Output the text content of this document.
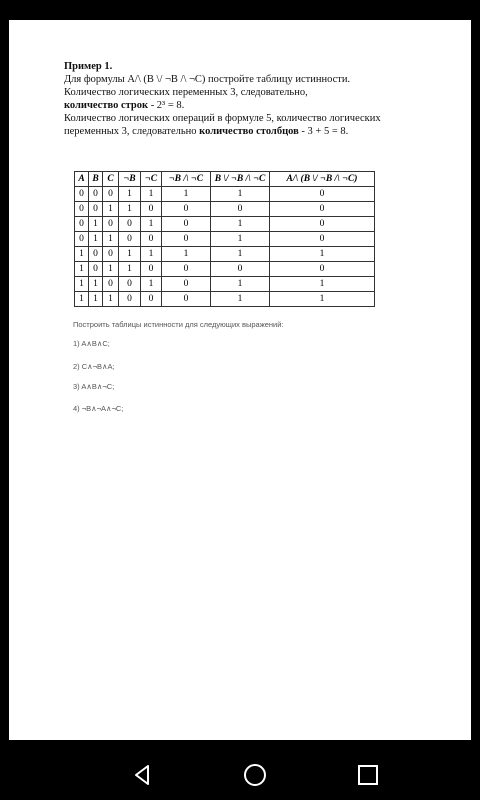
Пример 1.
Для формулы A/\ (B \/ ¬B /\ ¬C) постройте таблицу истинности.
Количество логических переменных 3, следовательно,
количество строк - 2³ = 8.
Количество логических операций в формуле 5, количество логических
переменных 3, следовательно количество столбцов - 3 + 5 = 8.
A	B	C	¬B	¬C	¬B /\ ¬C	B \/ ¬B /\ ¬C	A/\ (B \/ ¬B /\ ¬C)
0	0	0	1	1	1	1	0
0	0	1	1	0	0	0	0
0	1	0	0	1	0	1	0
0	1	1	0	0	0	1	0
1	0	0	1	1	1	1	1
1	0	1	1	0	0	0	0
1	1	0	0	1	0	1	1
1	1	1	0	0	0	1	1
Построить таблицы истинности для следующих выражений:
1) A∧B∧C;
2) C∧¬B∧A;
3) A∧B∧¬C;
4) ¬B∧¬A∧¬C;
